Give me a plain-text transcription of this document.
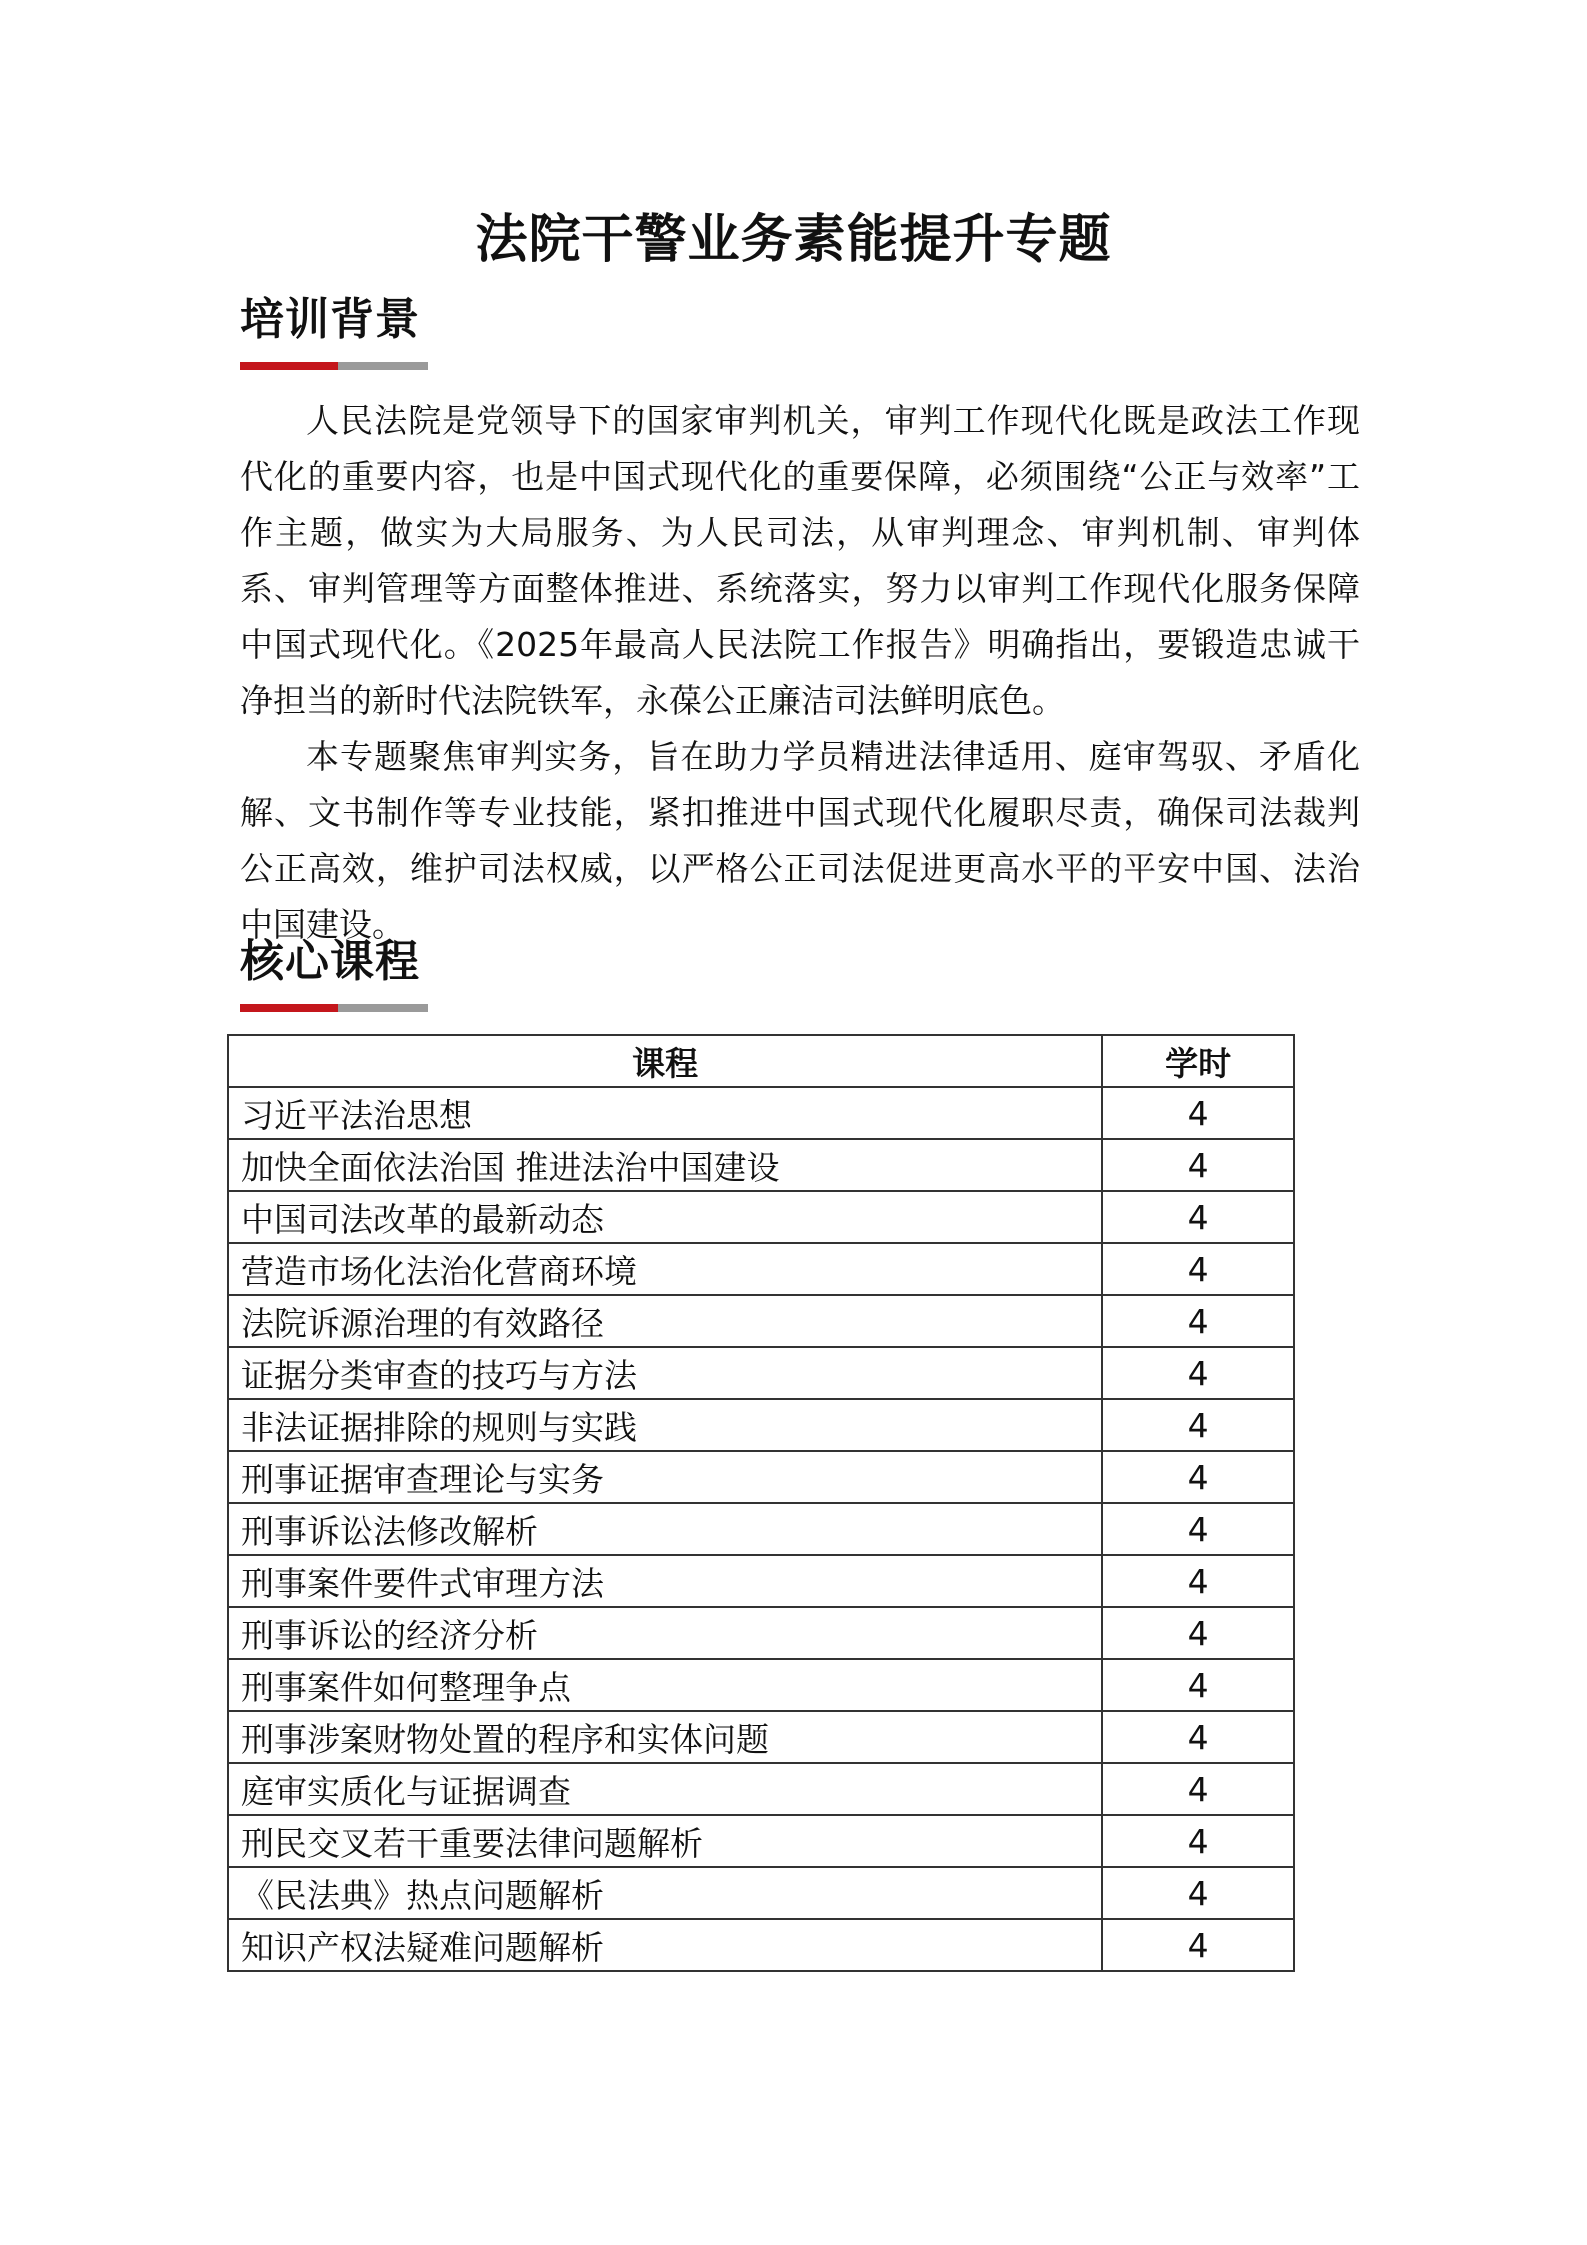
法院干警业务素能提升专题
培训背景

人民法院是党领导下的国家审判机关，审判工作现代化既是政法工作现代化的重要内容，也是中国式现代化的重要保障，必须围绕“公正与效率”工作主题，做实为大局服务、为人民司法，从审判理念、审判机制、审判体系、审判管理等方面整体推进、系统落实，努力以审判工作现代化服务保障中国式现代化。《2025年最高人民法院工作报告》明确指出，要锻造忠诚干净担当的新时代法院铁军，永葆公正廉洁司法鲜明底色。

本专题聚焦审判实务，旨在助力学员精进法律适用、庭审驾驭、矛盾化解、文书制作等专业技能，紧扣推进中国式现代化履职尽责，确保司法裁判公正高效，维护司法权威，以严格公正司法促进更高水平的平安中国、法治中国建设。

核心课程
课程	学时
习近平法治思想	4
加快全面依法治国 推进法治中国建设	4
中国司法改革的最新动态	4
营造市场化法治化营商环境	4
法院诉源治理的有效路径	4
证据分类审查的技巧与方法	4
非法证据排除的规则与实践	4
刑事证据审查理论与实务	4
刑事诉讼法修改解析	4
刑事案件要件式审理方法	4
刑事诉讼的经济分析	4
刑事案件如何整理争点	4
刑事涉案财物处置的程序和实体问题	4
庭审实质化与证据调查	4
刑民交叉若干重要法律问题解析	4
《民法典》热点问题解析	4
知识产权法疑难问题解析	4
